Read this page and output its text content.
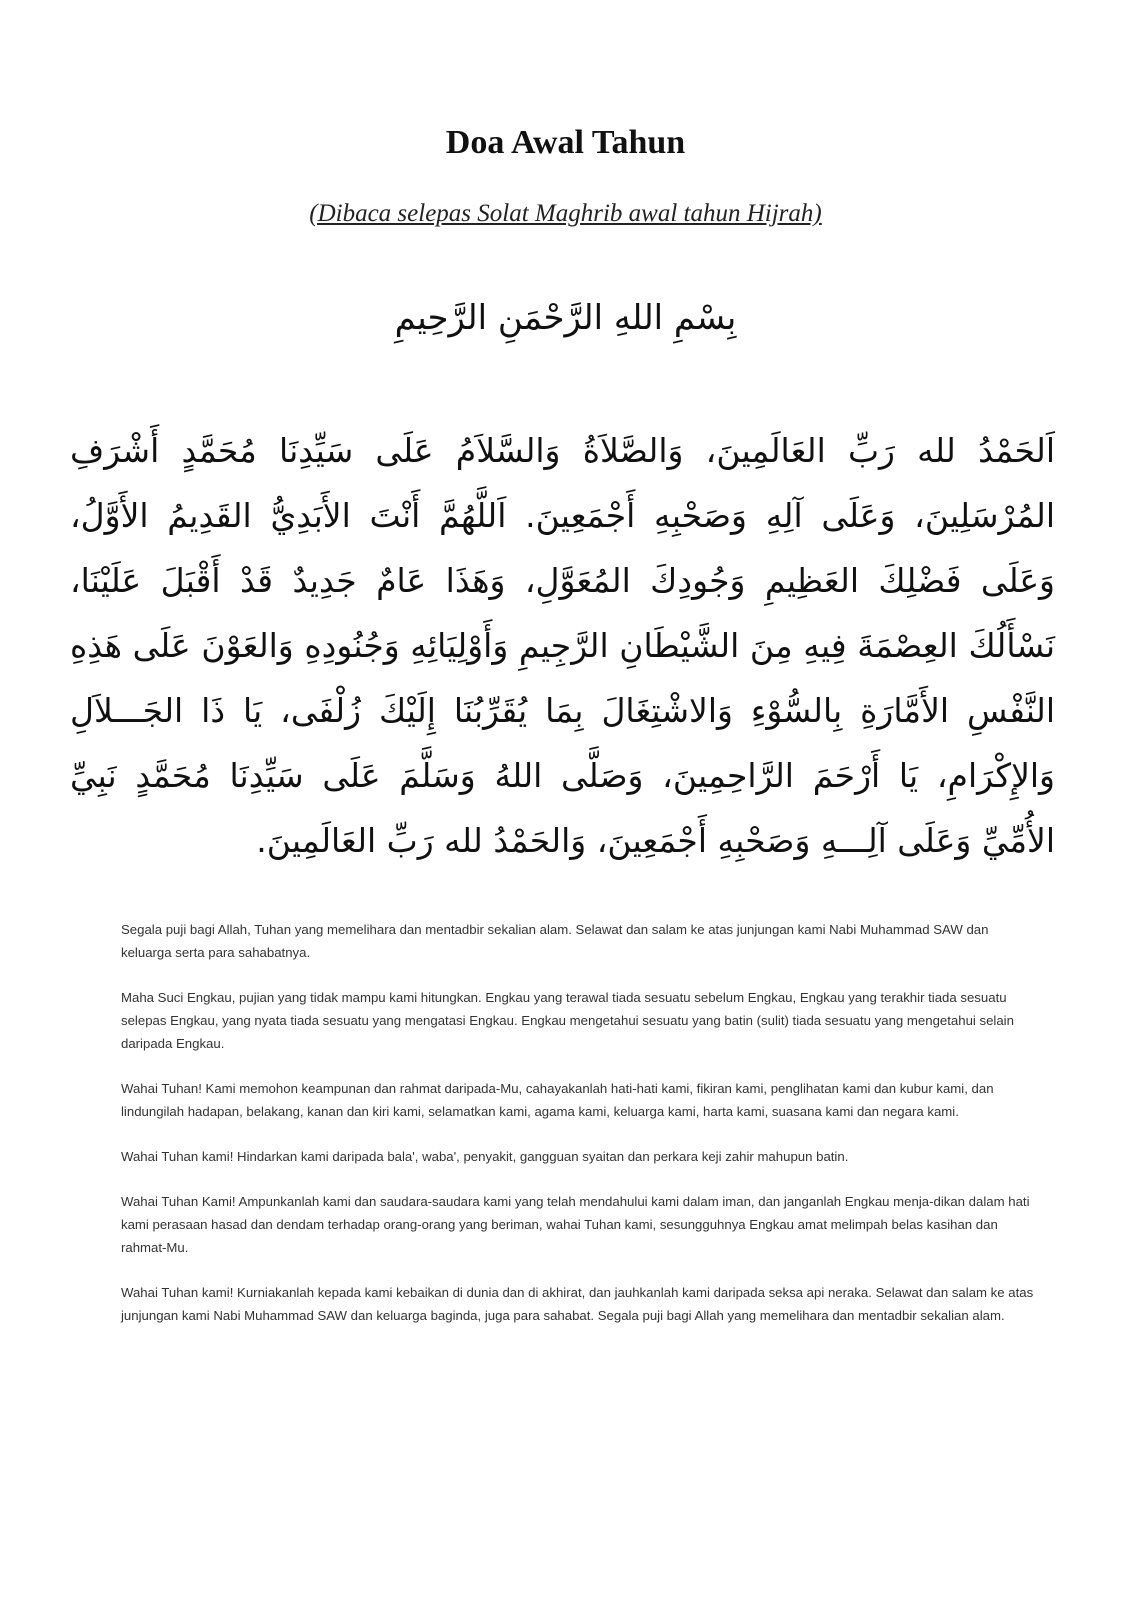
Doa Awal Tahun
(Dibaca selepas Solat Maghrib awal tahun Hijrah)
بِسْمِ اللهِ الرَّحْمَنِ الرَّحِيمِ
اَلحَمْدُ لله رَبِّ العَالَمِينَ، وَالصَّلاَةُ وَالسَّلاَمُ عَلَى سَيِّدِنَا مُحَمَّدٍ أَشْرَفِ المُرْسَلِينَ، وَعَلَى آلِهِ وَصَحْبِهِ أَجْمَعِينَ. اَللَّهُمَّ أَنْتَ الأَبَدِيُّ القَدِيمُ الأَوَّلُ، وَعَلَى فَضْلِكَ العَظِيمِ وَجُودِكَ المُعَوَّلِ، وَهَذَا عَامٌ جَدِيدٌ قَدْ أَقْبَلَ عَلَيْنَا، نَسْأَلُكَ العِصْمَةَ فِيهِ مِنَ الشَّيْطَانِ الرَّجِيمِ وَأَوْلِيَائِهِ وَجُنُودِهِ وَالعَوْنَ عَلَى هَذِهِ النَّفْسِ الأَمَّارَةِ بِالسُّوْءِ وَالاشْتِغَالَ بِمَا يُقَرِّبُنَا إِلَيْكَ زُلْفَى، يَا ذَا الجَـــلاَلِ وَالإِكْرَامِ، يَا أَرْحَمَ الرَّاحِمِينَ، وَصَلَّى اللهُ وَسَلَّمَ عَلَى سَيِّدِنَا مُحَمَّدٍ نَبِيِّ الأُمِّيِّ وَعَلَى آلِـــهِ وَصَحْبِهِ أَجْمَعِينَ، وَالحَمْدُ لله رَبِّ العَالَمِينَ.

Segala puji bagi Allah, Tuhan yang memelihara dan mentadbir sekalian alam. Selawat dan salam ke atas junjungan kami Nabi Muhammad SAW dan keluarga serta para sahabatnya.

Maha Suci Engkau, pujian yang tidak mampu kami hitungkan. Engkau yang terawal tiada sesuatu sebelum Engkau, Engkau yang terakhir tiada sesuatu selepas Engkau, yang nyata tiada sesuatu yang mengatasi Engkau. Engkau mengetahui sesuatu yang batin (sulit) tiada sesuatu yang mengetahui selain daripada Engkau.

Wahai Tuhan! Kami memohon keampunan dan rahmat daripada-Mu, cahayakanlah hati-hati kami, fikiran kami, penglihatan kami dan kubur kami, dan lindungilah hadapan, belakang, kanan dan kiri kami, selamatkan kami, agama kami, keluarga kami, harta kami, suasana kami dan negara kami.

Wahai Tuhan kami! Hindarkan kami daripada bala', waba', penyakit, gangguan syaitan dan perkara keji zahir mahupun batin.

Wahai Tuhan Kami! Ampunkanlah kami dan saudara-saudara kami yang telah mendahului kami dalam iman, dan janganlah Engkau menja-dikan dalam hati kami perasaan hasad dan dendam terhadap orang-orang yang beriman, wahai Tuhan kami, sesungguhnya Engkau amat melimpah belas kasihan dan rahmat-Mu.

Wahai Tuhan kami! Kurniakanlah kepada kami kebaikan di dunia dan di akhirat, dan jauhkanlah kami daripada seksa api neraka. Selawat dan salam ke atas junjungan kami Nabi Muhammad SAW dan keluarga baginda, juga para sahabat. Segala puji bagi Allah yang memelihara dan mentadbir sekalian alam.
